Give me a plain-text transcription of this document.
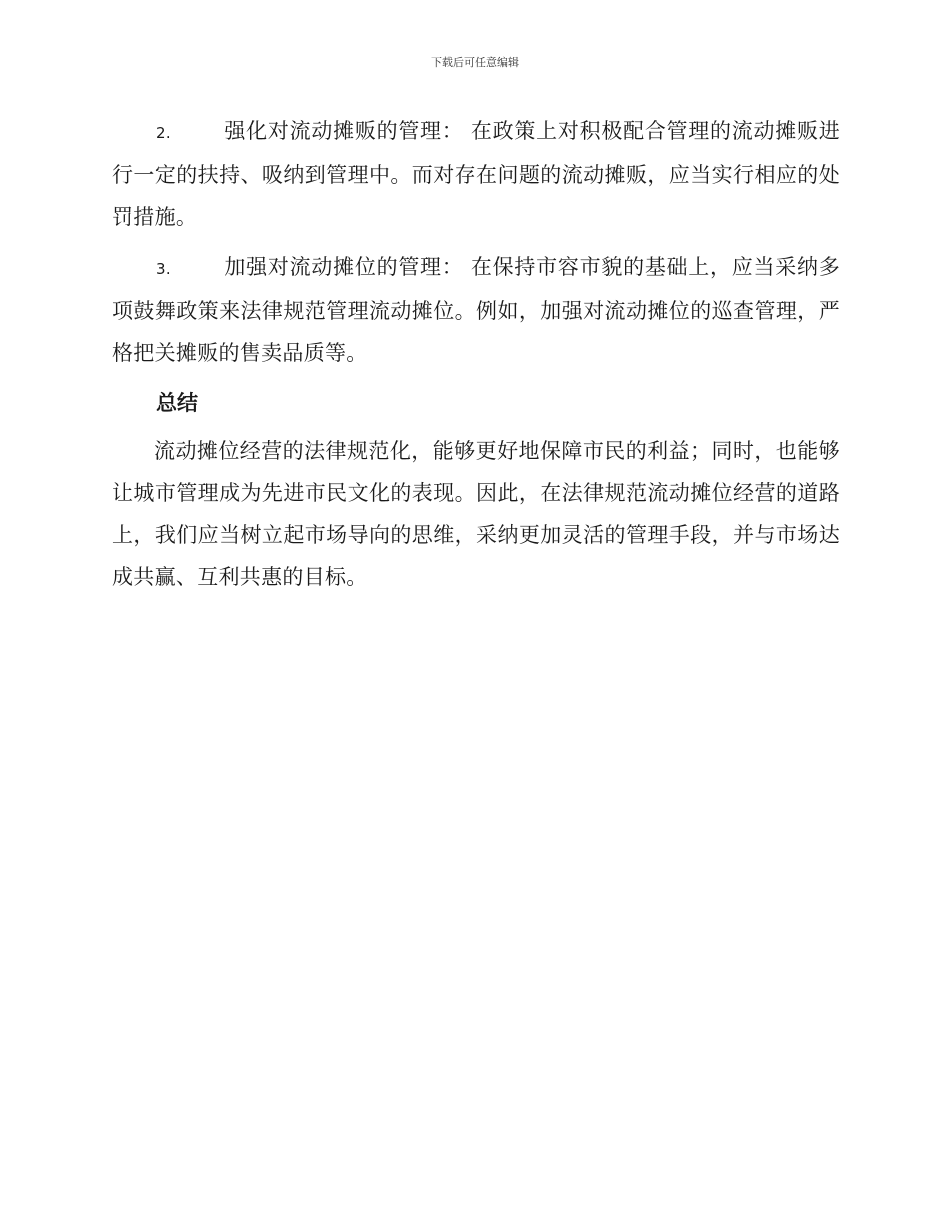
下载后可任意编辑

2.	强化对流动摊贩的管理： 在政策上对积极配合管理的流动摊贩进行一定的扶持、吸纳到管理中。而对存在问题的流动摊贩，应当实行相应的处罚措施。

3.	加强对流动摊位的管理： 在保持市容市貌的基础上，应当采纳多项鼓舞政策来法律规范管理流动摊位。例如，加强对流动摊位的巡查管理，严格把关摊贩的售卖品质等。

总结

流动摊位经营的法律规范化，能够更好地保障市民的利益；同时，也能够让城市管理成为先进市民文化的表现。因此，在法律规范流动摊位经营的道路上，我们应当树立起市场导向的思维，采纳更加灵活的管理手段，并与市场达成共赢、互利共惠的目标。
